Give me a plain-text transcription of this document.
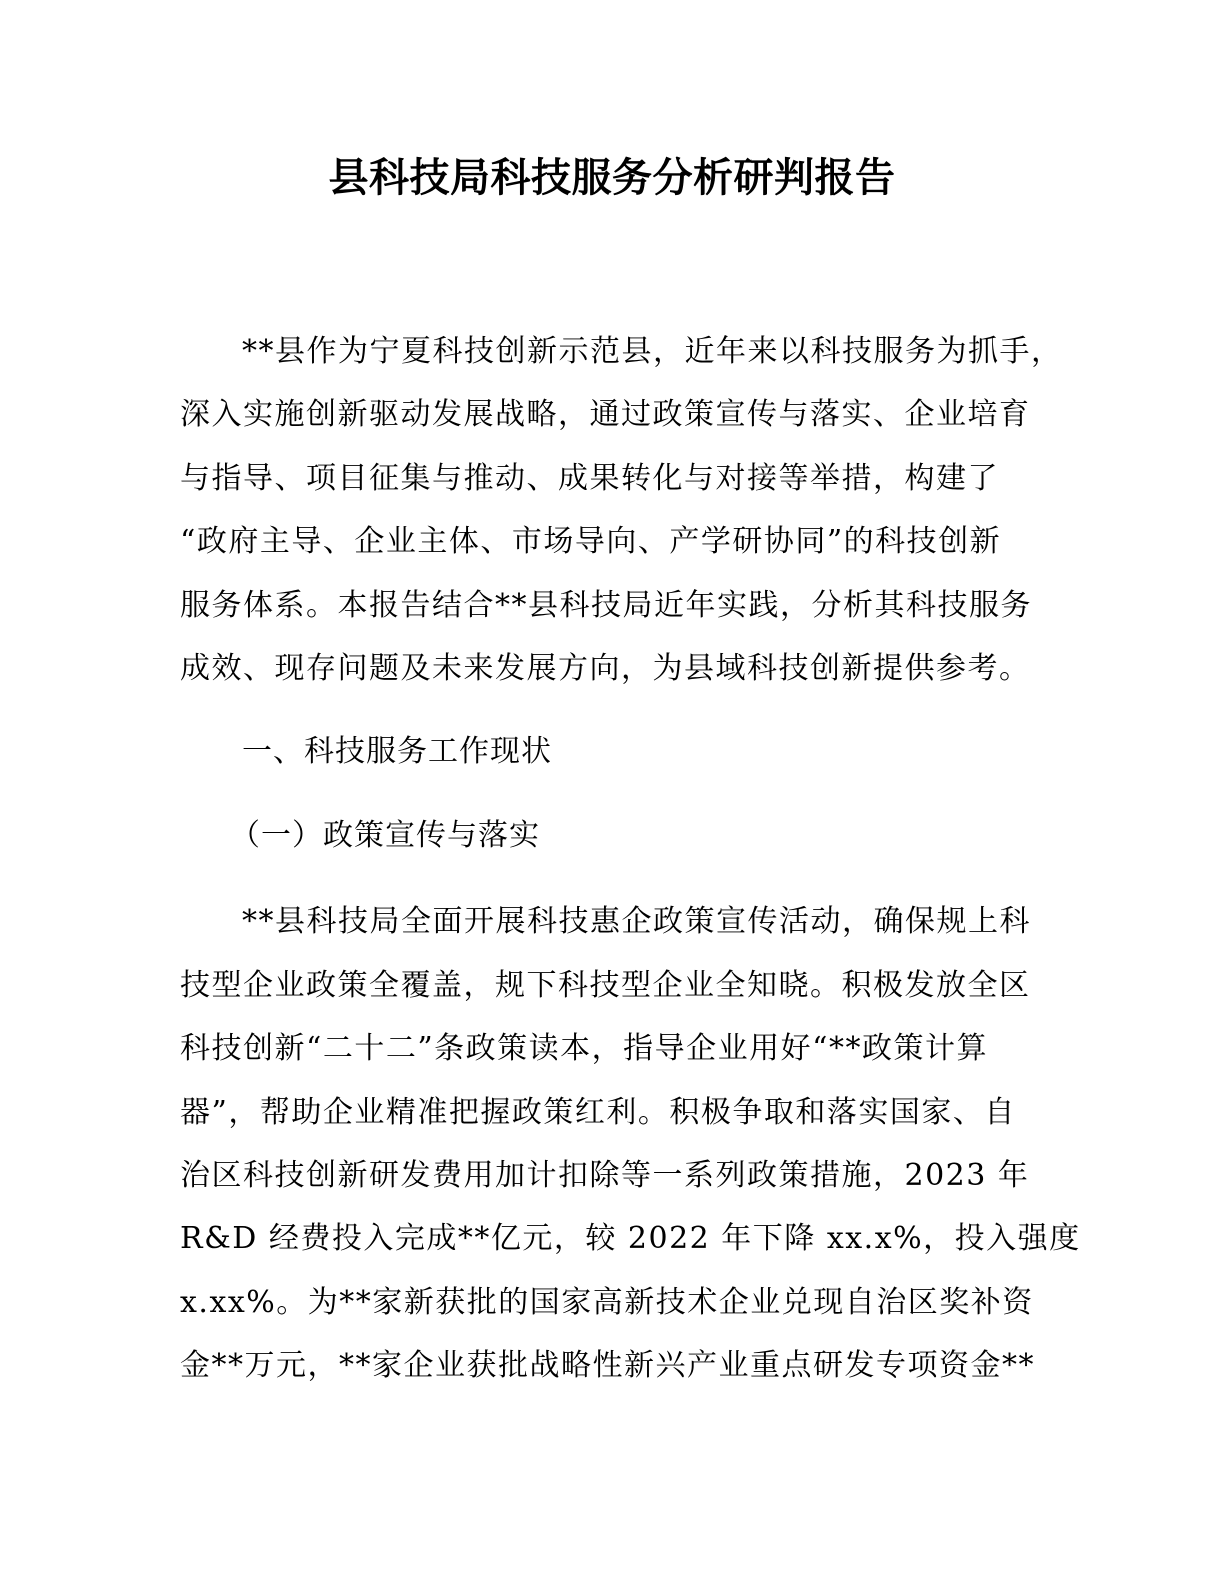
县科技局科技服务分析研判报告
**县作为宁夏科技创新示范县，近年来以科技服务为抓手，
深入实施创新驱动发展战略，通过政策宣传与落实、企业培育
与指导、项目征集与推动、成果转化与对接等举措，构建了
“政府主导、企业主体、市场导向、产学研协同”的科技创新
服务体系。本报告结合**县科技局近年实践，分析其科技服务
成效、现存问题及未来发展方向，为县域科技创新提供参考。
一、科技服务工作现状
（一）政策宣传与落实
**县科技局全面开展科技惠企政策宣传活动，确保规上科
技型企业政策全覆盖，规下科技型企业全知晓。积极发放全区
科技创新“二十二”条政策读本，指导企业用好“**政策计算
器”，帮助企业精准把握政策红利。积极争取和落实国家、自
治区科技创新研发费用加计扣除等一系列政策措施，2023 年
R&D 经费投入完成**亿元，较 2022 年下降 xx.x%，投入强度
x.xx%。为**家新获批的国家高新技术企业兑现自治区奖补资
金**万元，**家企业获批战略性新兴产业重点研发专项资金**
